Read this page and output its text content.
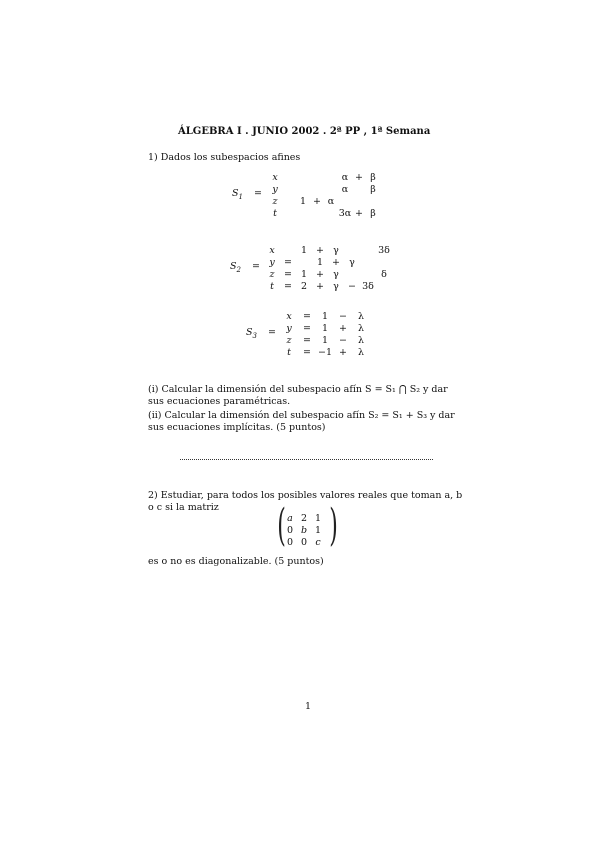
ÁLGEBRA I . JUNIO 2002 . 2ª PP , 1ª Semana
1) Dados los subespacios afines
$S_1$ =
x	α + β
y	α	β
z	1 + α
t	3α + β
$S_2$ =
x	1 + γ	3δ
y =	1 + γ
z	= 1 + γ	δ
t	= 2 + γ − 3δ
$S_3$ =
x	=	1	−	λ
y	=	1	+	λ
z	=	1	−	λ
t	= −1 +	λ
(i) Calcular la dimensión del subespacio afín S = S₁ ⋂ S₂ y dar sus ecuaciones paramétricas.
(ii) Calcular la dimensión del subespacio afín S₂ = S₁ + S₃ y dar sus ecuaciones implícitas. (5 puntos)
2) Estudiar, para todos los posibles valores reales que toman a, b o c si la matriz	( )
a 2 1
0 b 1
0 0 c
es o no es diagonalizable. (5 puntos)
1
